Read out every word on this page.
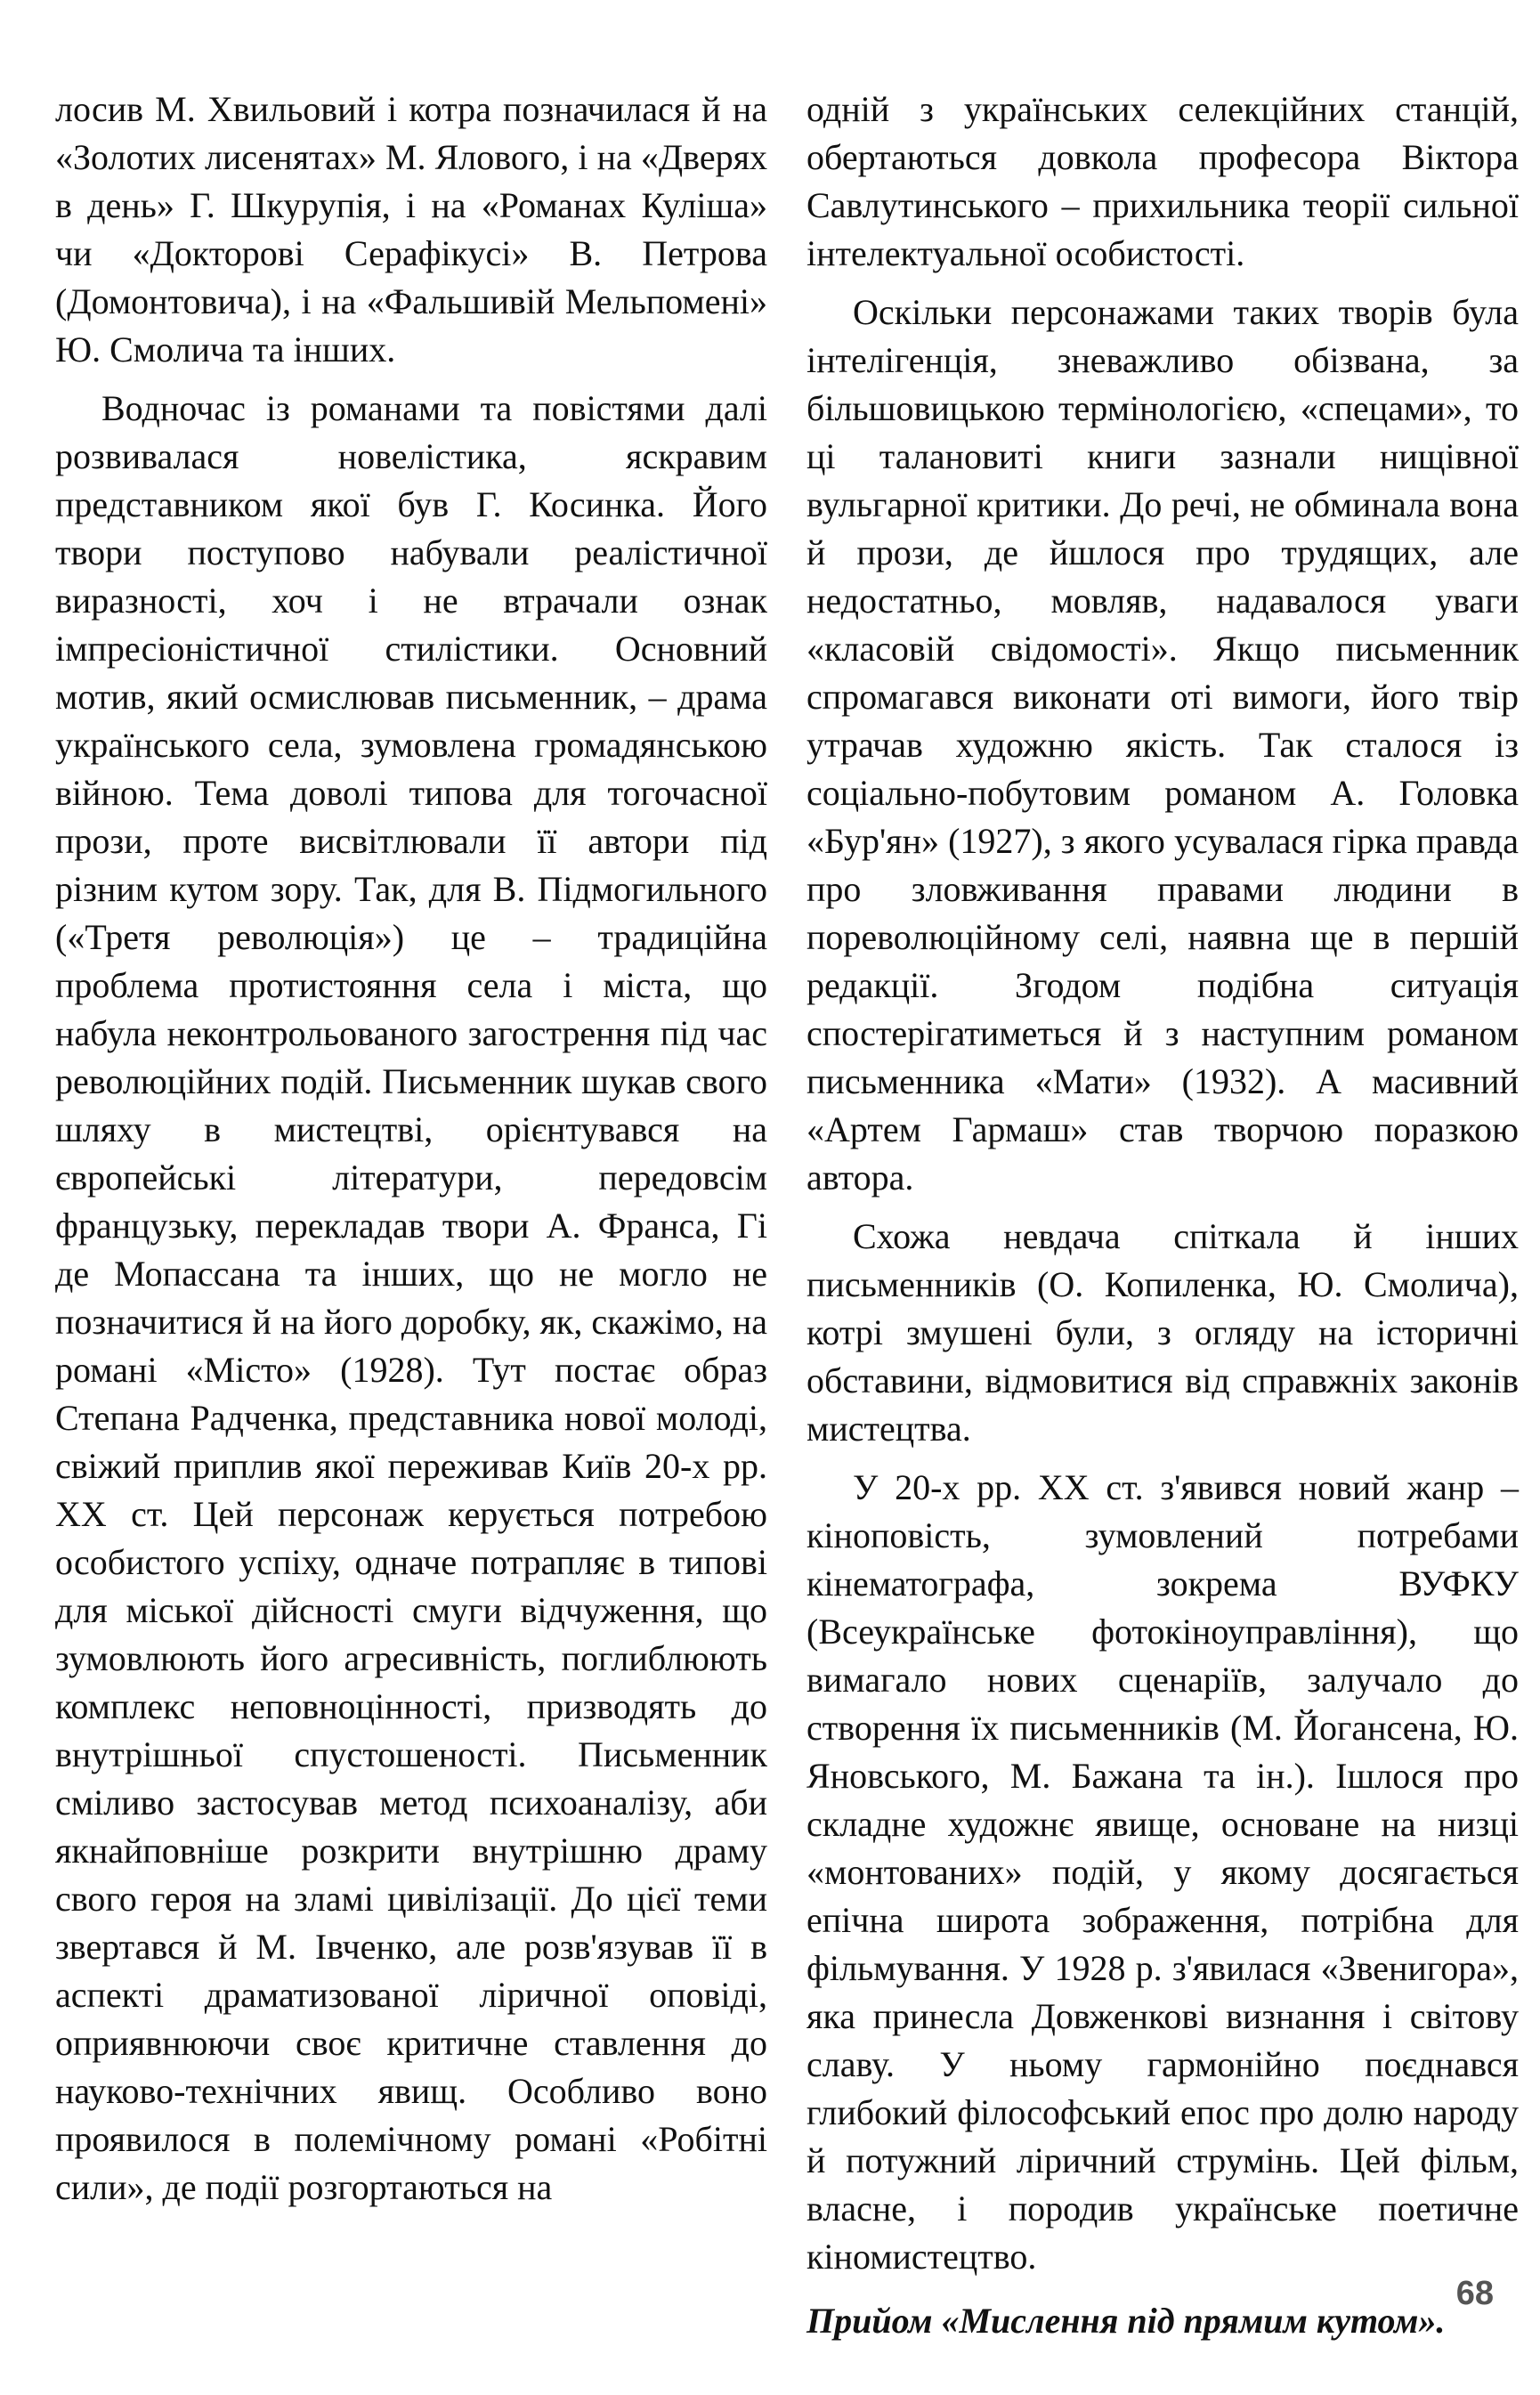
лосив М. Хвильовий і котра позначилася й на «Золотих лисенятах» М. Ялового, і на «Дверях в день» Г. Шкурупія, і на «Романах Куліша» чи «Докторові Серафікусі» В. Петрова (Домонтовича), і на «Фальшивій Мельпомені» Ю. Смолича та інших.

Водночас із романами та повістями далі розвивалася новелістика, яскравим представником якої був Г. Косинка. Його твори поступово набували реалістичної виразності, хоч і не втрачали ознак імпресіоністичної стилістики. Основний мотив, який осмислював письменник, – драма українського села, зумовлена громадянською війною. Тема доволі типова для тогочасної прози, проте висвітлювали її автори під різним кутом зору. Так, для В. Підмогильного («Третя революція») це – традиційна проблема протистояння села і міста, що набула неконтрольованого загострення під час революційних подій. Письменник шукав свого шляху в мистецтві, орієнтувався на європейські літератури, передовсім французьку, перекладав твори А. Франса, Гі де Мопассана та інших, що не могло не позначитися й на його доробку, як, скажімо, на романі «Місто» (1928). Тут постає образ Степана Радченка, представника нової молоді, свіжий приплив якої переживав Київ 20-х рр. XX ст. Цей персонаж керується потребою особистого успіху, одначе потрапляє в типові для міської дійсності смуги відчуження, що зумовлюють його агресивність, поглиблюють комплекс неповноцінності, призводять до внутрішньої спустошеності. Письменник сміливо застосував метод психоаналізу, аби якнайповніше розкрити внутрішню драму свого героя на зламі цивілізації. До цієї теми звертався й М. Івченко, але розв'язував її в аспекті драматизованої ліричної оповіді, оприявнюючи своє критичне ставлення до науково-технічних явищ. Особливо воно проявилося в полемічному романі «Робітні сили», де події розгортаються на

одній з українських селекційних станцій, обертаються довкола професора Віктора Савлутинського – прихильника теорії сильної інтелектуальної особистості.

Оскільки персонажами таких творів була інтелігенція, зневажливо обізвана, за більшовицькою термінологією, «спецами», то ці талановиті книги зазнали нищівної вульгарної критики. До речі, не обминала вона й прози, де йшлося про трудящих, але недостатньо, мовляв, надавалося уваги «класовій свідомості». Якщо письменник спромагався виконати оті вимоги, його твір утрачав художню якість. Так сталося із соціально-побутовим романом А. Головка «Бур'ян» (1927), з якого усувалася гірка правда про зловживання правами людини в пореволюційному селі, наявна ще в першій редакції. Згодом подібна ситуація спостерігатиметься й з наступним романом письменника «Мати» (1932). А масивний «Артем Гармаш» став творчою поразкою автора.

Схожа невдача спіткала й інших письменників (О. Копиленка, Ю. Смолича), котрі змушені були, з огляду на історичні обставини, відмовитися від справжніх законів мистецтва.

У 20-х рр. XX ст. з'явився новий жанр – кіноповість, зумовлений потребами кінематографа, зокрема ВУФКУ (Всеукраїнське фотокіноуправління), що вимагало нових сценаріїв, залучало до створення їх письменників (М. Йогансена, Ю. Яновського, М. Бажана та ін.). Ішлося про складне художнє явище, основане на низці «монтованих» подій, у якому досягається епічна широта зображення, потрібна для фільмування. У 1928 р. з'явилася «Звенигора», яка принесла Довженкові визнання і світову славу. У ньому гармонійно поєднався глибокий філософський епос про долю народу й потужний ліричний струмінь. Цей фільм, власне, і породив українське поетичне кіномистецтво.

Прийом «Мислення під прямим кутом».

68
